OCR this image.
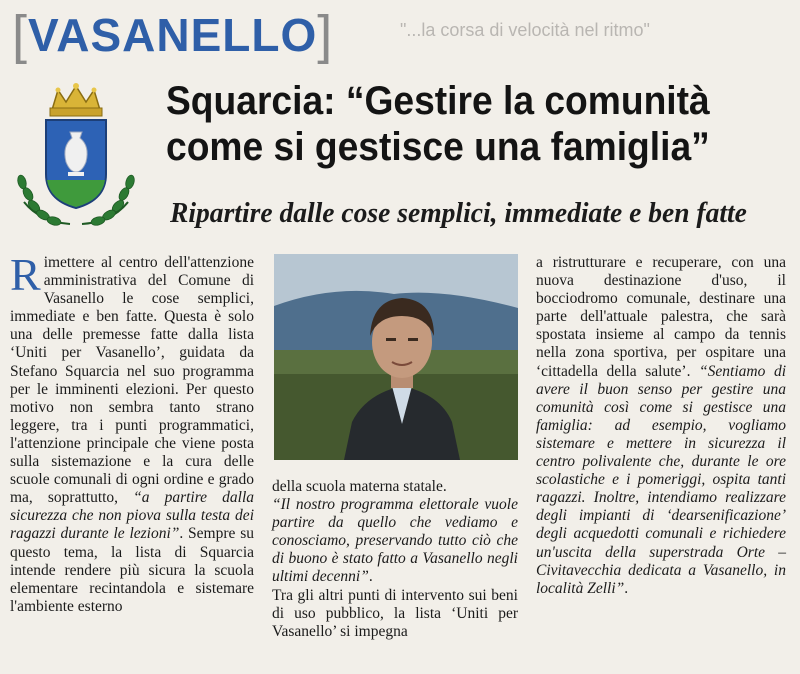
"...la corsa di velocità nel ritmo"
[ VASANELLO ]
Squarcia: “Gestire la comunità come si gestisce una famiglia”
Ripartire dalle cose semplici, immediate e ben fatte

Rimettere al centro dell'attenzione amministrativa del Comune di Vasanello le cose semplici, immediate e ben fatte. Questa è solo una delle premesse fatte dalla lista ‘Uniti per Vasanello’, guidata da Stefano Squarcia nel suo programma per le imminenti elezioni. Per questo motivo non sembra tanto strano leggere, tra i punti programmatici, l'attenzione principale che viene posta sulla sistemazione e la cura delle scuole comunali di ogni ordine e grado ma, soprattutto, “a partire dalla sicurezza che non piova sulla testa dei ragazzi durante le lezioni”. Sempre su questo tema, la lista di Squarcia intende rendere più sicura la scuola elementare recintandola e sistemare l'ambiente esterno

della scuola materna statale.

“Il nostro programma elettorale vuole partire da quello che vediamo e conosciamo, preservando tutto ciò che di buono è stato fatto a Vasanello negli ultimi decenni”.

Tra gli altri punti di intervento sui beni di uso pubblico, la lista ‘Uniti per Vasanello’ si impegna

a ristrutturare e recuperare, con una nuova destinazione d'uso, il bocciodromo comunale, destinare una parte dell'attuale palestra, che sarà spostata insieme al campo da tennis nella zona sportiva, per ospitare una ‘cittadella della salute’. “Sentiamo di avere il buon senso per gestire una comunità così come si gestisce una famiglia: ad esempio, vogliamo sistemare e mettere in sicurezza il centro polivalente che, durante le ore scolastiche e i pomeriggi, ospita tanti ragazzi. Inoltre, intendiamo realizzare degli impianti di ‘dearsenificazione’ degli acquedotti comunali e richiedere un'uscita della superstrada Orte – Civitavecchia dedicata a Vasanello, in località Zelli”.
